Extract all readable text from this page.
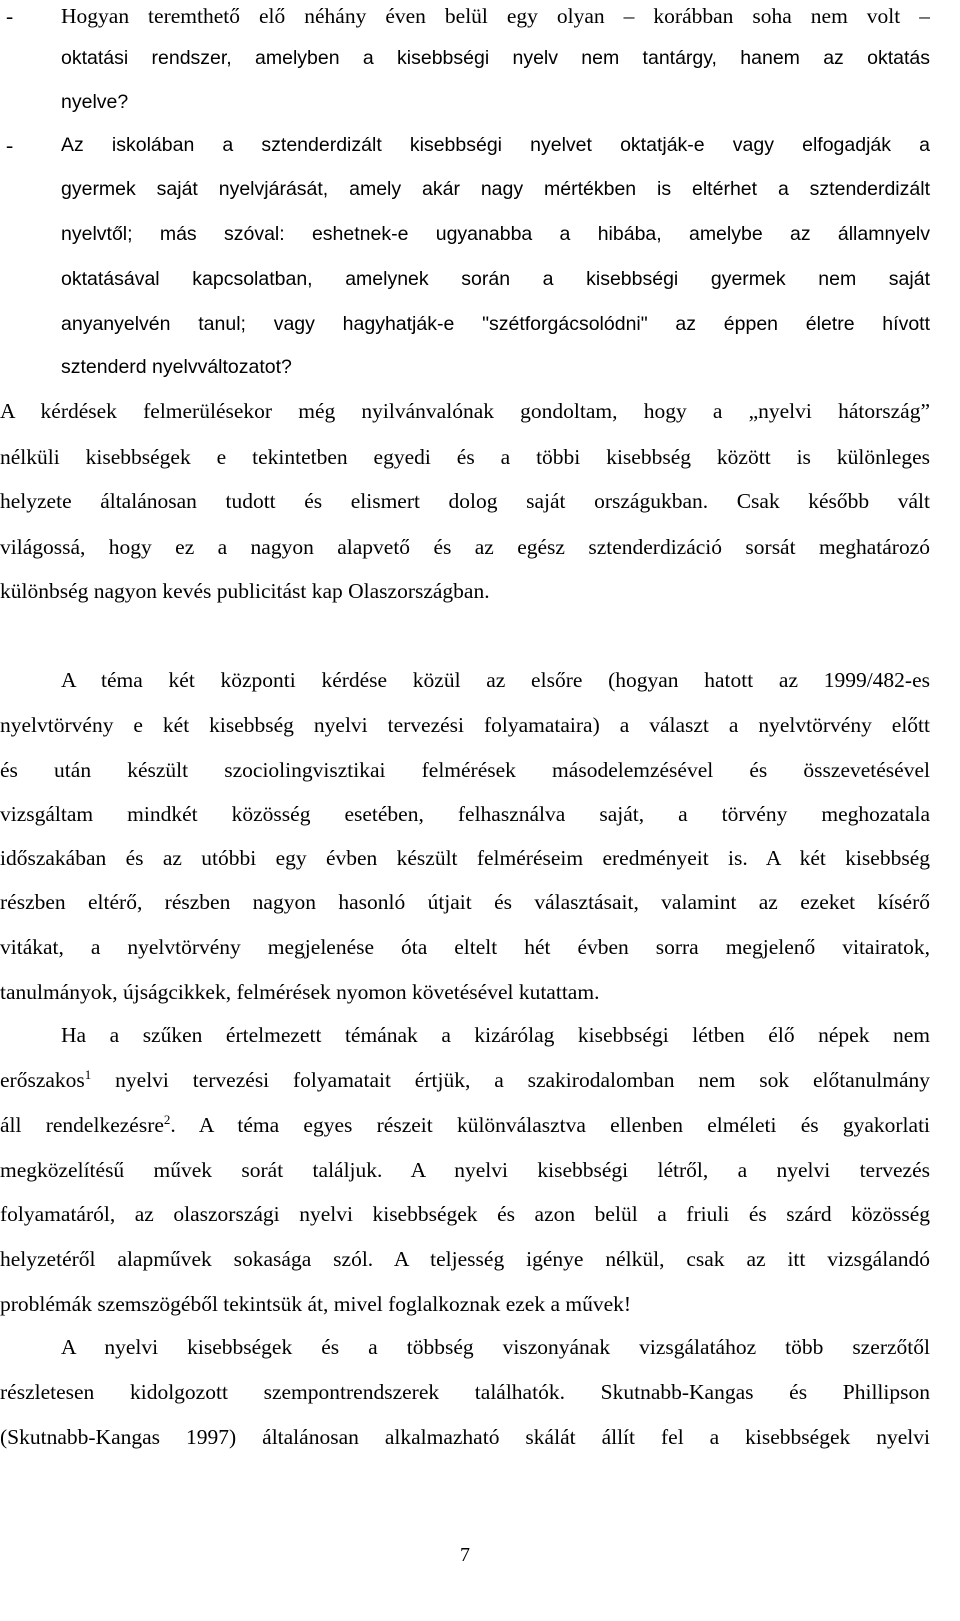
-	Hogyan teremthető elő néhány éven belül egy olyan – korábban soha nem volt –
oktatási rendszer, amelyben a kisebbségi nyelv nem tantárgy, hanem az oktatás
nyelve?
-	Az iskolában a sztenderdizált kisebbségi nyelvet oktatják-e vagy elfogadják a
gyermek saját nyelvjárását, amely akár nagy mértékben is eltérhet a sztenderdizált
nyelvtől; más szóval: eshetnek-e ugyanabba a hibába, amelybe az államnyelv
oktatásával kapcsolatban, amelynek során a kisebbségi gyermek nem saját
anyanyelvén tanul; vagy hagyhatják-e "szétforgácsolódni" az éppen életre hívott
sztenderd nyelvváltozatot?
A kérdések felmerülésekor még nyilvánvalónak gondoltam, hogy a „nyelvi hátország”
nélküli kisebbségek e tekintetben egyedi és a többi kisebbség között is különleges
helyzete általánosan tudott és elismert dolog saját országukban. Csak később vált
világossá, hogy ez a nagyon alapvető és az egész sztenderdizáció sorsát meghatározó
különbség nagyon kevés publicitást kap Olaszországban.
A téma két központi kérdése közül az elsőre (hogyan hatott az 1999/482-es
nyelvtörvény e két kisebbség nyelvi tervezési folyamataira) a választ a nyelvtörvény előtt
és után készült szociolingvisztikai felmérések másodelemzésével és összevetésével
vizsgáltam mindkét közösség esetében, felhasználva saját, a törvény meghozatala
időszakában és az utóbbi egy évben készült felméréseim eredményeit is. A két kisebbség
részben eltérő, részben nagyon hasonló útjait és választásait, valamint az ezeket kísérő
vitákat, a nyelvtörvény megjelenése óta eltelt hét évben sorra megjelenő vitairatok,
tanulmányok, újságcikkek, felmérések nyomon követésével kutattam.
Ha a szűken értelmezett témának a kizárólag kisebbségi létben élő népek nem
erőszakos$^1$ nyelvi tervezési folyamatait értjük, a szakirodalomban nem sok előtanulmány
áll rendelkezésre$^2$. A téma egyes részeit különválasztva ellenben elméleti és gyakorlati
megközelítésű művek sorát találjuk. A nyelvi kisebbségi létről, a nyelvi tervezés
folyamatáról, az olaszországi nyelvi kisebbségek és azon belül a friuli és szárd közösség
helyzetéről alapművek sokasága szól. A teljesség igénye nélkül, csak az itt vizsgálandó
problémák szemszögéből tekintsük át, mivel foglalkoznak ezek a művek!
A nyelvi kisebbségek és a többség viszonyának vizsgálatához több szerzőtől
részletesen kidolgozott szempontrendszerek találhatók. Skutnabb-Kangas és Phillipson
(Skutnabb-Kangas 1997) általánosan alkalmazható skálát állít fel a kisebbségek nyelvi
7
